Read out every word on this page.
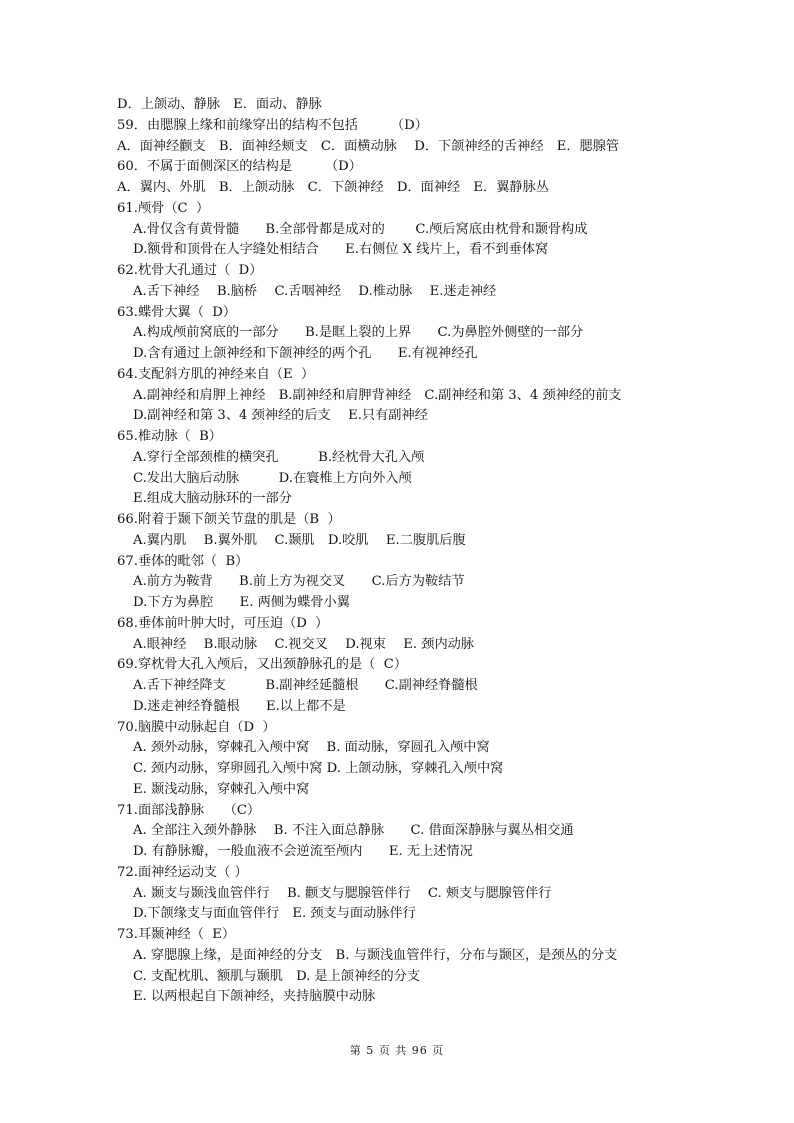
D．上颌动、静脉　E．面动、静脉
59．由腮腺上缘和前缘穿出的结构不包括　　　（D）
A．面神经颧支　B．面神经颊支　C．面横动脉　 D．下颌神经的舌神经　E．腮腺管
60．不属于面侧深区的结构是　　　（D）
A．翼内、外肌　B．上颌动脉　C．下颌神经　D．面神经　E．翼静脉丛
61.颅骨（C  ）
A.骨仅含有黄骨髓　　B.全部骨都是成对的　　 C.颅后窝底由枕骨和颞骨构成
D.额骨和顶骨在人字缝处相结合　　E.右侧位 X 线片上，看不到垂体窝
62.枕骨大孔通过（  D）
A.舌下神经　 B.脑桥　 C.舌咽神经　 D.椎动脉　 E.迷走神经
63.蝶骨大翼（  D）
A.构成颅前窝底的一部分　　B.是眶上裂的上界　　C.为鼻腔外侧壁的一部分
D.含有通过上颌神经和下颌神经的两个孔　　E.有视神经孔
64.支配斜方肌的神经来自（E  ）
A.副神经和肩胛上神经　B.副神经和肩胛背神经　C.副神经和第 3、4 颈神经的前支
D.副神经和第 3、4 颈神经的后支　 E.只有副神经
65.椎动脉（  B）
A.穿行全部颈椎的横突孔　　　B.经枕骨大孔入颅
C.发出大脑后动脉　　　D.在寰椎上方向外入颅
E.组成大脑动脉环的一部分
66.附着于颞下颌关节盘的肌是（B  ）
A.翼内肌　 B.翼外肌　 C.颞肌　D.咬肌　 E.二腹肌后腹
67.垂体的毗邻（  B）
A.前方为鞍背　　B.前上方为视交叉　　C.后方为鞍结节
D.下方为鼻腔　　E. 两侧为蝶骨小翼
68.垂体前叶肿大时，可压迫（D  ）
A.眼神经　 B.眼动脉　 C.视交叉　 D.视束　 E. 颈内动脉
69.穿枕骨大孔入颅后，又出颈静脉孔的是（  C）
A.舌下神经降支　　　B.副神经延髓根　　C.副神经脊髓根
D.迷走神经脊髓根　　E.以上都不是
70.脑膜中动脉起自（D  ）
A. 颈外动脉，穿棘孔入颅中窝　 B. 面动脉，穿圆孔入颅中窝
C. 颈内动脉，穿卵圆孔入颅中窝 D. 上颌动脉，穿棘孔入颅中窝
E. 颞浅动脉，穿棘孔入颅中窝
71.面部浅静脉　　（C）
A. 全部注入颈外静脉　 B. 不注入面总静脉　　C. 借面深静脉与翼丛相交通
D. 有静脉瓣，一般血液不会逆流至颅内　　E. 无上述情况
72.面神经运动支（ ）
A. 颞支与颞浅血管伴行　 B. 颧支与腮腺管伴行　 C. 颊支与腮腺管伴行
D.下颌缘支与面血管伴行　E. 颈支与面动脉伴行
73.耳颞神经（  E）
A. 穿腮腺上缘，是面神经的分支　B. 与颞浅血管伴行，分布与颞区，是颈丛的分支
C. 支配枕肌、额肌与颞肌　D. 是上颌神经的分支
E. 以两根起自下颌神经，夹持脑膜中动脉
第 5 页 共 96 页
